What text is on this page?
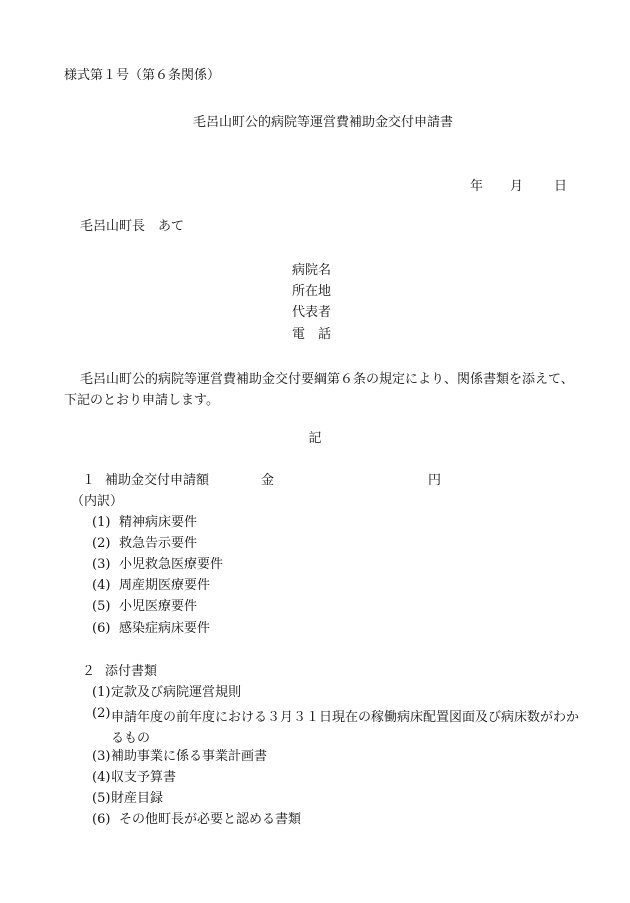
様式第１号（第６条関係）
毛呂山町公的病院等運営費補助金交付申請書
年 月 日
毛呂山町長　あて
病院名
所在地
代表者
電　話
毛呂山町公的病院等運営費補助金交付要綱第６条の規定により、関係書類を添えて、下記のとおり申請します。
記
１ 補助金交付申請額	金	円
（内訳）
(1) 精神病床要件
(2) 救急告示要件
(3) 小児救急医療要件
(4) 周産期医療要件
(5) 小児医療要件
(6) 感染症病床要件
２ 添付書類
(1) 定款及び病院運営規則
(2) 申請年度の前年度における３月３１日現在の稼働病床配置図面及び病床数がわかるもの
(3) 補助事業に係る事業計画書
(4) 収支予算書
(5) 財産目録
(6) その他町長が必要と認める書類
